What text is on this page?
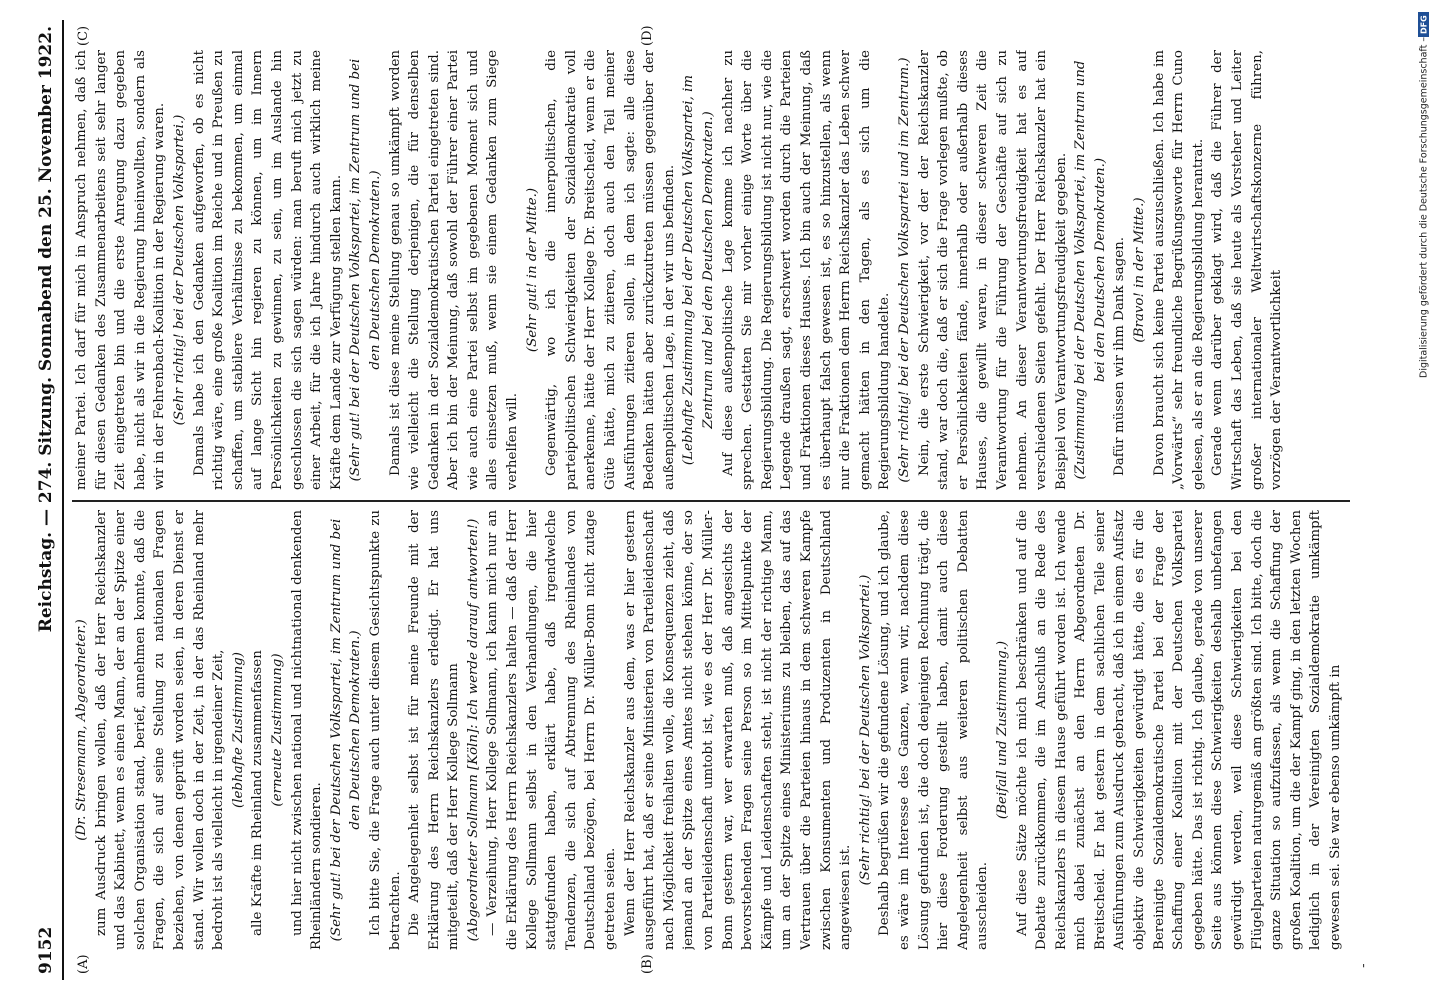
9152
Reichstag. — 274. Sitzung. Sonnabend den 25. November 1922.
(A)	(B)
(C)	(D)

(Dr. Stresemann, Abgeordneter.) zum Ausdruck bringen wollen, daß der Herr Reichskanzler und das Kabinett, wenn es einen Mann, der an der Spitze einer solchen Organisation stand, berief, annehmen konnte, daß die Fragen, die sich auf seine Stellung zu nationalen Fragen beziehen, von denen geprüft worden seien, in deren Dienst er stand. Wir wollen doch in der Zeit, in der das Rheinland mehr bedroht ist als vielleicht in irgendeiner Zeit, (lebhafte Zustimmung) alle Kräfte im Rheinland zusammenfassen (erneute Zustimmung) und hier nicht zwischen national und nichtnational denkenden Rheinländern sondieren. (Sehr gut! bei der Deutschen Volkspartei, im Zentrum und bei den Deutschen Demokraten.) Ich bitte Sie, die Frage auch unter diesem Gesichtspunkte zu betrachten. Die Angelegenheit selbst ist für meine Freunde mit der Erklärung des Herrn Reichskanzlers erledigt. Er hat uns mitgeteilt, daß der Herr Kollege Sollmann (Abgeordneter Sollmann [Köln]: Ich werde darauf antworten!) — Verzeihung, Herr Kollege Sollmann, ich kann mich nur an die Erklärung des Herrn Reichskanzlers halten — daß der Herr Kollege Sollmann selbst in den Verhandlungen, die hier stattgefunden haben, erklärt habe, daß irgendwelche Tendenzen, die sich auf Abtrennung des Rheinlandes von Deutschland bezögen, bei Herrn Dr. Müller-Bonn nicht zutage getreten seien. Wenn der Herr Reichskanzler aus dem, was er hier gestern ausgeführt hat, daß er seine Ministerien von Parteileidenschaft nach Möglichkeit freihalten wolle, die Konsequenzen zieht, daß jemand an der Spitze eines Amtes nicht stehen könne, der so von Parteileidenschaft umtobt ist, wie es der Herr Dr. Müller-Bonn gestern war, wer erwarten muß, daß angesichts der bevorstehenden Fragen seine Person so im Mittelpunkte der Kämpfe und Leidenschaften steht, ist nicht der richtige Mann, um an der Spitze eines Ministeriums zu bleiben, das auf das Vertrauen über die Parteien hinaus in dem schweren Kampfe zwischen Konsumenten und Produzenten in Deutschland angewiesen ist.

(Sehr richtig! bei der Deutschen Volkspartei.) Deshalb begrüßen wir die gefundene Lösung, und ich glaube, es wäre im Interesse des Ganzen, wenn wir, nachdem diese Lösung gefunden ist, die doch denjenigen Rechnung trägt, die hier diese Forderung gestellt haben, damit auch diese Angelegenheit selbst aus weiteren politischen Debatten ausscheiden.

(Beifall und Zustimmung.) Auf diese Sätze möchte ich mich beschränken und auf die Debatte zurückkommen, die im Anschluß an die Rede des Reichskanzlers in diesem Hause geführt worden ist. Ich wende mich dabei zunächst an den Herrn Abgeordneten Dr. Breitscheid. Er hat gestern in dem sachlichen Teile seiner Ausführungen zum Ausdruck gebracht, daß ich in einem Aufsatz objektiv die Schwierigkeiten gewürdigt hätte, die es für die Bereinigte Sozialdemokratische Partei bei der Frage der Schaffung einer Koalition mit der Deutschen Volkspartei gegeben hätte. Das ist richtig. Ich glaube, gerade von unserer Seite aus können diese Schwierigkeiten deshalb unbefangen gewürdigt werden, weil diese Schwierigkeiten bei den Flügelparteien naturgemäß am größten sind. Ich bitte, doch die ganze Situation so aufzufassen, als wenn die Schaffung der großen Koalition, um die der Kampf ging, in den letzten Wochen lediglich in der Vereinigten Sozialdemokratie umkämpft gewesen sei. Sie war ebenso umkämpft in

meiner Partei. Ich darf für mich in Anspruch nehmen, daß ich für diesen Gedanken des Zusammenarbeitens seit sehr langer Zeit eingetreten bin und die erste Anregung dazu gegeben habe, nicht als wir in die Regierung hineinwollten, sondern als wir in der Fehrenbach-Koalition in der Regierung waren. (Sehr richtig! bei der Deutschen Volkspartei.) Damals habe ich den Gedanken aufgeworfen, ob es nicht richtig wäre, eine große Koalition im Reiche und in Preußen zu schaffen, um stabilere Verhältnisse zu bekommen, um einmal auf lange Sicht hin regieren zu können, um im Innern Persönlichkeiten zu gewinnen, zu sein, um im Auslande hin geschlossen die sich sagen würden: man beruft mich jetzt zu einer Arbeit, für die ich Jahre hindurch auch wirklich meine Kräfte dem Lande zur Verfügung stellen kann. (Sehr gut! bei der Deutschen Volkspartei, im Zentrum und bei den Deutschen Demokraten.) Damals ist diese meine Stellung genau so umkämpft worden wie vielleicht die Stellung derjenigen, die für denselben Gedanken in der Sozialdemokratischen Partei eingetreten sind. Aber ich bin der Meinung, daß sowohl der Führer einer Partei wie auch eine Partei selbst im gegebenen Moment sich und alles einsetzen muß, wenn sie einem Gedanken zum Siege verhelfen will.

(Sehr gut! in der Mitte.) Gegenwärtig, wo ich die innerpolitischen, die parteipolitischen Schwierigkeiten der Sozialdemokratie voll anerkenne, hätte der Herr Kollege Dr. Breitscheid, wenn er die Güte hätte, mich zu zitieren, doch auch den Teil meiner Ausführungen zitieren sollen, in dem ich sagte: alle diese Bedenken hätten aber zurückzutreten müssen gegenüber der außenpolitischen Lage, in der wir uns befinden. (Lebhafte Zustimmung bei der Deutschen Volkspartei, im Zentrum und bei den Deutschen Demokraten.) Auf diese außenpolitische Lage komme ich nachher zu sprechen. Gestatten Sie mir vorher einige Worte über die Regierungsbildung. Die Regierungsbildung ist nicht nur, wie die Legende draußen sagt, erschwert worden durch die Parteien und Fraktionen dieses Hauses. Ich bin auch der Meinung, daß es überhaupt falsch gewesen ist, es so hinzustellen, als wenn nur die Fraktionen dem Herrn Reichskanzler das Leben schwer gemacht hätten in den Tagen, als es sich um die Regierungsbildung handelte. (Sehr richtig! bei der Deutschen Volkspartei und im Zentrum.) Nein, die erste Schwierigkeit, vor der der Reichskanzler stand, war doch die, daß er sich die Frage vorlegen mußte, ob er Persönlichkeiten fände, innerhalb oder außerhalb dieses Hauses, die gewillt waren, in dieser schweren Zeit die Verantwortung für die Führung der Geschäfte auf sich zu nehmen. An dieser Verantwortungsfreudigkeit hat es auf verschiedenen Seiten gefehlt. Der Herr Reichskanzler hat ein Beispiel von Verantwortungsfreudigkeit gegeben. (Zustimmung bei der Deutschen Volkspartei, im Zentrum und bei den Deutschen Demokraten.) Dafür müssen wir ihm Dank sagen. (Bravo! in der Mitte.) Davon braucht sich keine Partei auszuschließen. Ich habe im „Vorwärts“ sehr freundliche Begrüßungsworte für Herrn Cuno gelesen, als er an die Regierungsbildung herantrat. Gerade wenn darüber geklagt wird, daß die Führer der Wirtschaft das Leben, daß sie heute als Vorsteher und Leiter großer internationaler Weltwirtschaftskonzerne führen, vorzögen der Verantwortlichkeit

Digitalisierung gefördert durch die Deutsche Forschungsgemeinschaft –
DFG
'
